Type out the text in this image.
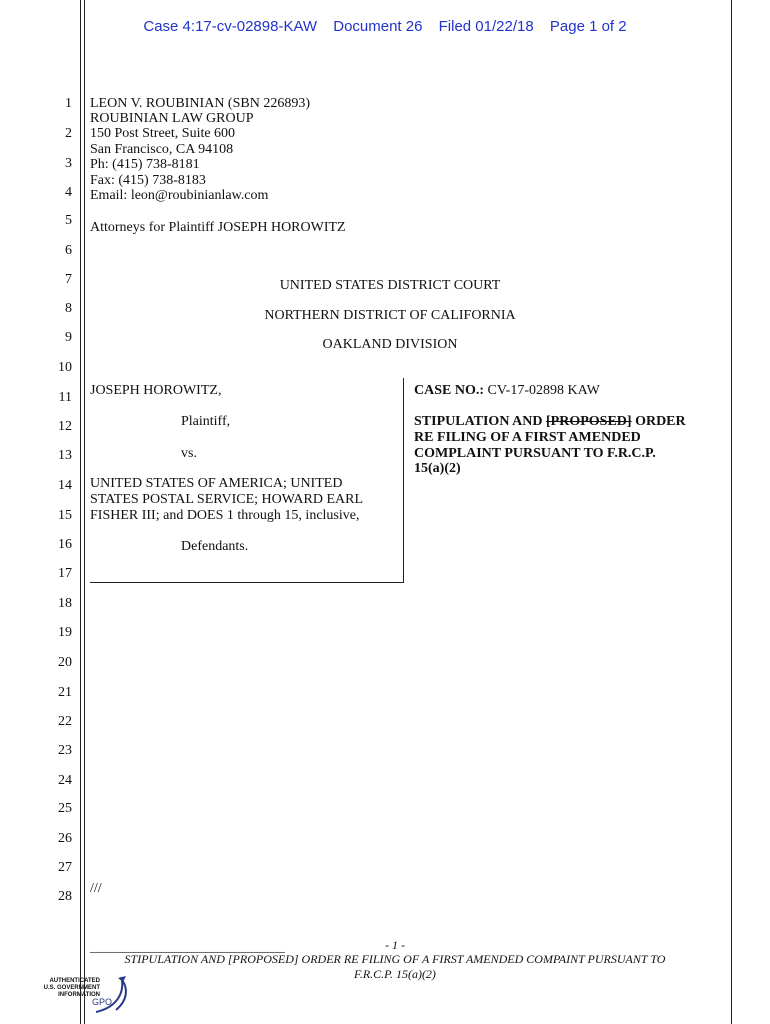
Case 4:17-cv-02898-KAW Document 26 Filed 01/22/18 Page 1 of 2
1
2
3
4
5
6
7
8
9
10
11
12
13
14
15
16
17
18
19
20
21
22
23
24
25
26
27
28
LEON V. ROUBINIAN (SBN 226893)
ROUBINIAN LAW GROUP
150 Post Street, Suite 600
San Francisco, CA 94108
Ph: (415) 738-8181
Fax: (415) 738-8183
Email: leon@roubinianlaw.com
Attorneys for Plaintiff JOSEPH HOROWITZ
UNITED STATES DISTRICT COURT
NORTHERN DISTRICT OF CALIFORNIA
OAKLAND DIVISION
JOSEPH HOROWITZ,
Plaintiff,
vs.
UNITED STATES OF AMERICA; UNITED
STATES POSTAL SERVICE; HOWARD EARL
FISHER III; and DOES 1 through 15, inclusive,
Defendants.
CASE NO.: CV-17-02898 KAW
STIPULATION AND [PROPOSED] ORDER
RE FILING OF A FIRST AMENDED
COMPLAINT PURSUANT TO F.R.C.P.
15(a)(2)
///
______________________________	- 1 -
STIPULATION AND [PROPOSED] ORDER RE FILING OF A FIRST AMENDED COMPAINT PURSUANT TO
F.R.C.P. 15(a)(2)
AUTHENTICATED
U.S. GOVERNMENT
INFORMATION
GPO
